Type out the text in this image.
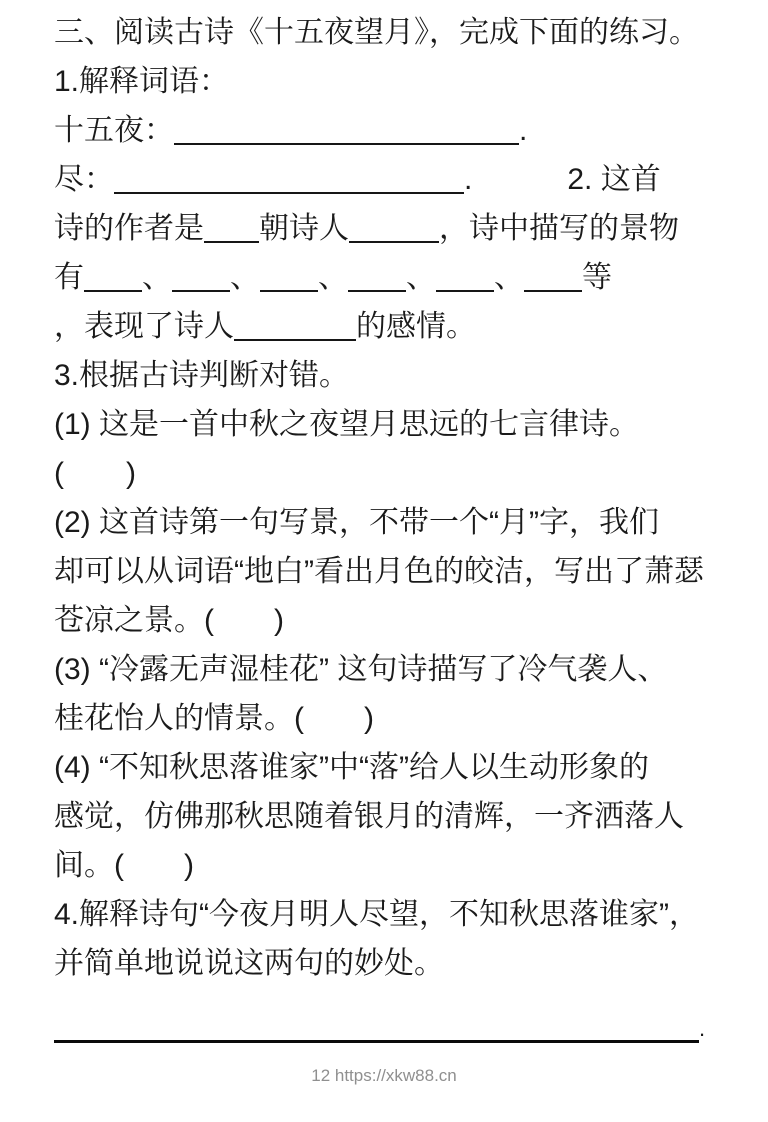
三、阅读古诗《十五夜望月》，完成下面的练习。
1.解释词语：
十五夜：	.
尽：	.	2. 这首
诗的作者是 朝诗人	，诗中描写的景物
有 、 、 、 、 、 等
，表现了诗人	的感情。
3.根据古诗判断对错。
(1) 这是一首中秋之夜望月思远的七言律诗。
( )
(2) 这首诗第一句写景，不带一个“月”字，我们
却可以从词语“地白”看出月色的皎洁，写出了萧瑟
苍凉之景。( )
(3) “冷露无声湿桂花” 这句诗描写了冷气袭人、
桂花怡人的情景。( )
(4) “不知秋思落谁家”中“落”给人以生动形象的
感觉，仿佛那秋思随着银月的清辉，一齐洒落人
间。( )
4.解释诗句“今夜月明人尽望，不知秋思落谁家”，
并简单地说说这两句的妙处。
.
12 https://xkw88.cn
